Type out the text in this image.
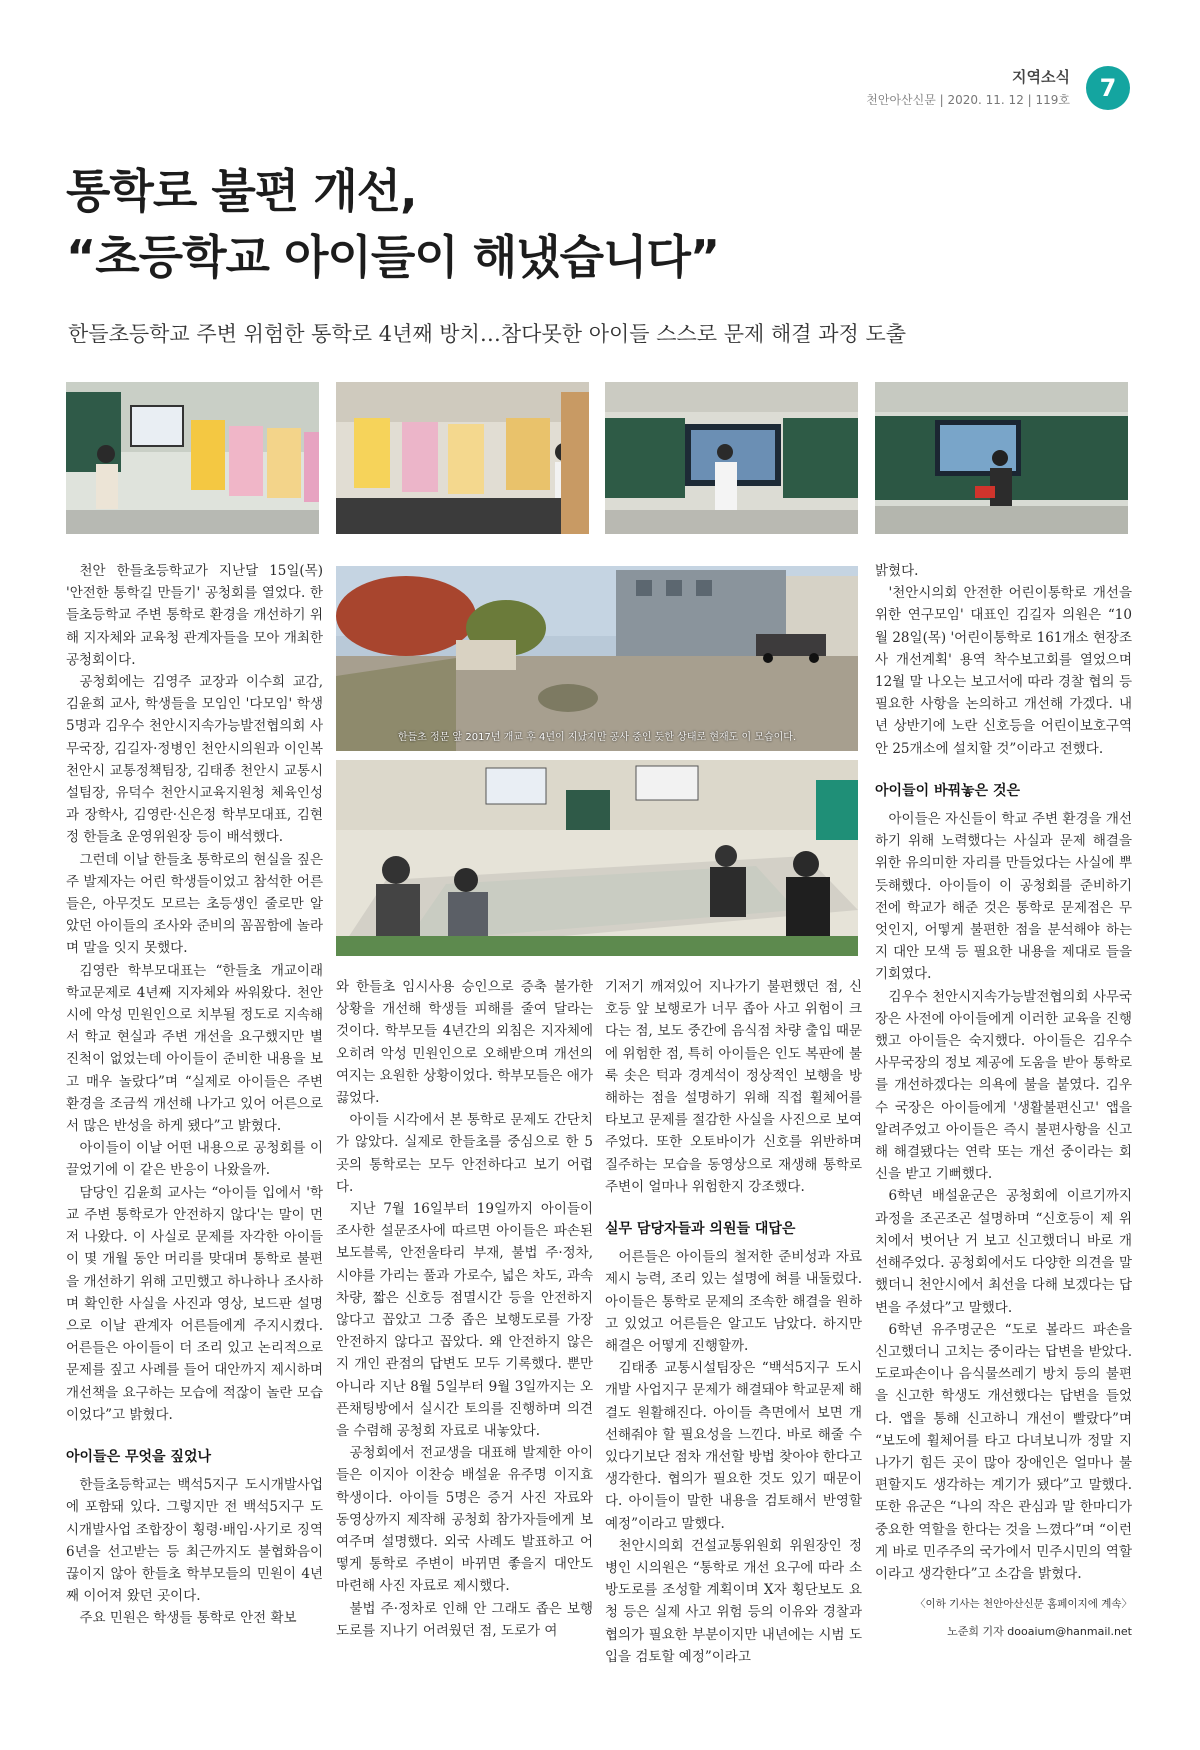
지역소식
천안아산신문 | 2020. 11. 12 | 119호	7
통학로 불편 개선,
“초등학교 아이들이 해냈습니다”
한들초등학교 주변 위험한 통학로 4년째 방치…참다못한 아이들 스스로 문제 해결 과정 도출
한들초 정문 앞 2017년 개교 후 4년이 지났지만 공사 중인 듯한 상태로 현재도 이 모습이다.

천안 한들초등학교가 지난달 15일(목) '안전한 통학길 만들기' 공청회를 열었다. 한들초등학교 주변 통학로 환경을 개선하기 위해 지자체와 교육청 관계자들을 모아 개최한 공청회이다.

공청회에는 김영주 교장과 이수희 교감, 김윤희 교사, 학생들을 모임인 '다모임' 학생 5명과 김우수 천안시지속가능발전협의회 사무국장, 김길자·정병인 천안시의원과 이인복 천안시 교통정책팀장, 김태종 천안시 교통시설팀장, 유덕수 천안시교육지원청 체육인성과 장학사, 김영란·신은정 학부모대표, 김현정 한들초 운영위원장 등이 배석했다.

그런데 이날 한들초 통학로의 현실을 짚은 주 발제자는 어린 학생들이었고 참석한 어른들은, 아무것도 모르는 초등생인 줄로만 알았던 아이들의 조사와 준비의 꼼꼼함에 놀라며 말을 잇지 못했다.

김영란 학부모대표는 “한들초 개교이래 학교문제로 4년째 지자체와 싸워왔다. 천안시에 악성 민원인으로 치부될 정도로 지속해서 학교 현실과 주변 개선을 요구했지만 별 진척이 없었는데 아이들이 준비한 내용을 보고 매우 놀랐다”며 “실제로 아이들은 주변 환경을 조금씩 개선해 나가고 있어 어른으로서 많은 반성을 하게 됐다”고 밝혔다.

아이들이 이날 어떤 내용으로 공청회를 이끌었기에 이 같은 반응이 나왔을까.

담당인 김윤희 교사는 “아이들 입에서 '학교 주변 통학로가 안전하지 않다'는 말이 먼저 나왔다. 이 사실로 문제를 자각한 아이들이 몇 개월 동안 머리를 맞대며 통학로 불편을 개선하기 위해 고민했고 하나하나 조사하며 확인한 사실을 사진과 영상, 보드판 설명으로 이날 관계자 어른들에게 주지시켰다. 어른들은 아이들이 더 조리 있고 논리적으로 문제를 짚고 사례를 들어 대안까지 제시하며 개선책을 요구하는 모습에 적잖이 놀란 모습이었다”고 밝혔다.

아이들은 무엇을 짚었나

한들초등학교는 백석5지구 도시개발사업에 포함돼 있다. 그렇지만 전 백석5지구 도시개발사업 조합장이 횡령·배임·사기로 징역 6년을 선고받는 등 최근까지도 불협화음이 끊이지 않아 한들초 학부모들의 민원이 4년째 이어져 왔던 곳이다.

주요 민원은 학생들 통학로 안전 확보

와 한들초 임시사용 승인으로 증축 불가한 상황을 개선해 학생들 피해를 줄여 달라는 것이다. 학부모들 4년간의 외침은 지자체에 오히려 악성 민원인으로 오해받으며 개선의 여지는 요원한 상황이었다. 학부모들은 애가 끓었다.

아이들 시각에서 본 통학로 문제도 간단치가 않았다. 실제로 한들초를 중심으로 한 5곳의 통학로는 모두 안전하다고 보기 어렵다.

지난 7월 16일부터 19일까지 아이들이 조사한 설문조사에 따르면 아이들은 파손된 보도블록, 안전울타리 부재, 불법 주·정차, 시야를 가리는 풀과 가로수, 넓은 차도, 과속차량, 짧은 신호등 점멸시간 등을 안전하지 않다고 꼽았고 그중 좁은 보행도로를 가장 안전하지 않다고 꼽았다. 왜 안전하지 않은지 개인 관점의 답변도 모두 기록했다. 뿐만 아니라 지난 8월 5일부터 9월 3일까지는 오픈채팅방에서 실시간 토의를 진행하며 의견을 수렴해 공청회 자료로 내놓았다.

공청회에서 전교생을 대표해 발제한 아이들은 이지아 이찬승 배설윤 유주명 이지효 학생이다. 아이들 5명은 증거 사진 자료와 동영상까지 제작해 공청회 참가자들에게 보여주며 설명했다. 외국 사례도 발표하고 어떻게 통학로 주변이 바뀌면 좋을지 대안도 마련해 사진 자료로 제시했다.

불법 주·정차로 인해 안 그래도 좁은 보행도로를 지나기 어려웠던 점, 도로가 여

기저기 깨져있어 지나가기 불편했던 점, 신호등 앞 보행로가 너무 좁아 사고 위험이 크다는 점, 보도 중간에 음식점 차량 출입 때문에 위험한 점, 특히 아이들은 인도 복판에 불룩 솟은 턱과 경계석이 정상적인 보행을 방해하는 점을 설명하기 위해 직접 휠체어를 타보고 문제를 절감한 사실을 사진으로 보여주었다. 또한 오토바이가 신호를 위반하며 질주하는 모습을 동영상으로 재생해 통학로 주변이 얼마나 위험한지 강조했다.

실무 담당자들과 의원들 대답은

어른들은 아이들의 철저한 준비성과 자료 제시 능력, 조리 있는 설명에 혀를 내둘렀다. 아이들은 통학로 문제의 조속한 해결을 원하고 있었고 어른들은 알고도 남았다. 하지만 해결은 어떻게 진행할까.

김태종 교통시설팀장은 “백석5지구 도시개발 사업지구 문제가 해결돼야 학교문제 해결도 원활해진다. 아이들 측면에서 보면 개선해줘야 할 필요성을 느낀다. 바로 해줄 수 있다기보단 점차 개선할 방법 찾아야 한다고 생각한다. 협의가 필요한 것도 있기 때문이다. 아이들이 말한 내용을 검토해서 반영할 예정”이라고 말했다.

천안시의회 건설교통위원회 위원장인 정병인 시의원은 “통학로 개선 요구에 따라 소방도로를 조성할 계획이며 X자 횡단보도 요청 등은 실제 사고 위험 등의 이유와 경찰과 협의가 필요한 부분이지만 내년에는 시범 도입을 검토할 예정”이라고

밝혔다.

'천안시의회 안전한 어린이통학로 개선을 위한 연구모임' 대표인 김길자 의원은 “10월 28일(목) '어린이통학로 161개소 현장조사 개선계획' 용역 착수보고회를 열었으며 12월 말 나오는 보고서에 따라 경찰 협의 등 필요한 사항을 논의하고 개선해 가겠다. 내년 상반기에 노란 신호등을 어린이보호구역 안 25개소에 설치할 것”이라고 전했다.

아이들이 바꿔놓은 것은

아이들은 자신들이 학교 주변 환경을 개선하기 위해 노력했다는 사실과 문제 해결을 위한 유의미한 자리를 만들었다는 사실에 뿌듯해했다. 아이들이 이 공청회를 준비하기 전에 학교가 해준 것은 통학로 문제점은 무엇인지, 어떻게 불편한 점을 분석해야 하는지 대안 모색 등 필요한 내용을 제대로 들을 기회였다.

김우수 천안시지속가능발전협의회 사무국장은 사전에 아이들에게 이러한 교육을 진행했고 아이들은 숙지했다. 아이들은 김우수 사무국장의 정보 제공에 도움을 받아 통학로를 개선하겠다는 의욕에 불을 붙였다. 김우수 국장은 아이들에게 '생활불편신고' 앱을 알려주었고 아이들은 즉시 불편사항을 신고해 해결됐다는 연락 또는 개선 중이라는 회신을 받고 기뻐했다.

6학년 배설윤군은 공청회에 이르기까지 과정을 조곤조곤 설명하며 “신호등이 제 위치에서 벗어난 거 보고 신고했더니 바로 개선해주었다. 공청회에서도 다양한 의견을 말했더니 천안시에서 최선을 다해 보겠다는 답변을 주셨다”고 말했다.

6학년 유주명군은 “도로 볼라드 파손을 신고했더니 고치는 중이라는 답변을 받았다. 도로파손이나 음식물쓰레기 방치 등의 불편을 신고한 학생도 개선했다는 답변을 들었다. 앱을 통해 신고하니 개선이 빨랐다”며 “보도에 휠체어를 타고 다녀보니까 정말 지나가기 힘든 곳이 많아 장애인은 얼마나 불편할지도 생각하는 계기가 됐다”고 말했다. 또한 유군은 “나의 작은 관심과 말 한마디가 중요한 역할을 한다는 것을 느꼈다”며 “이런 게 바로 민주주의 국가에서 민주시민의 역할이라고 생각한다”고 소감을 밝혔다.

〈이하 기사는 천안아산신문 홈페이지에 계속〉
노준희 기자 dooaium@hanmail.net
